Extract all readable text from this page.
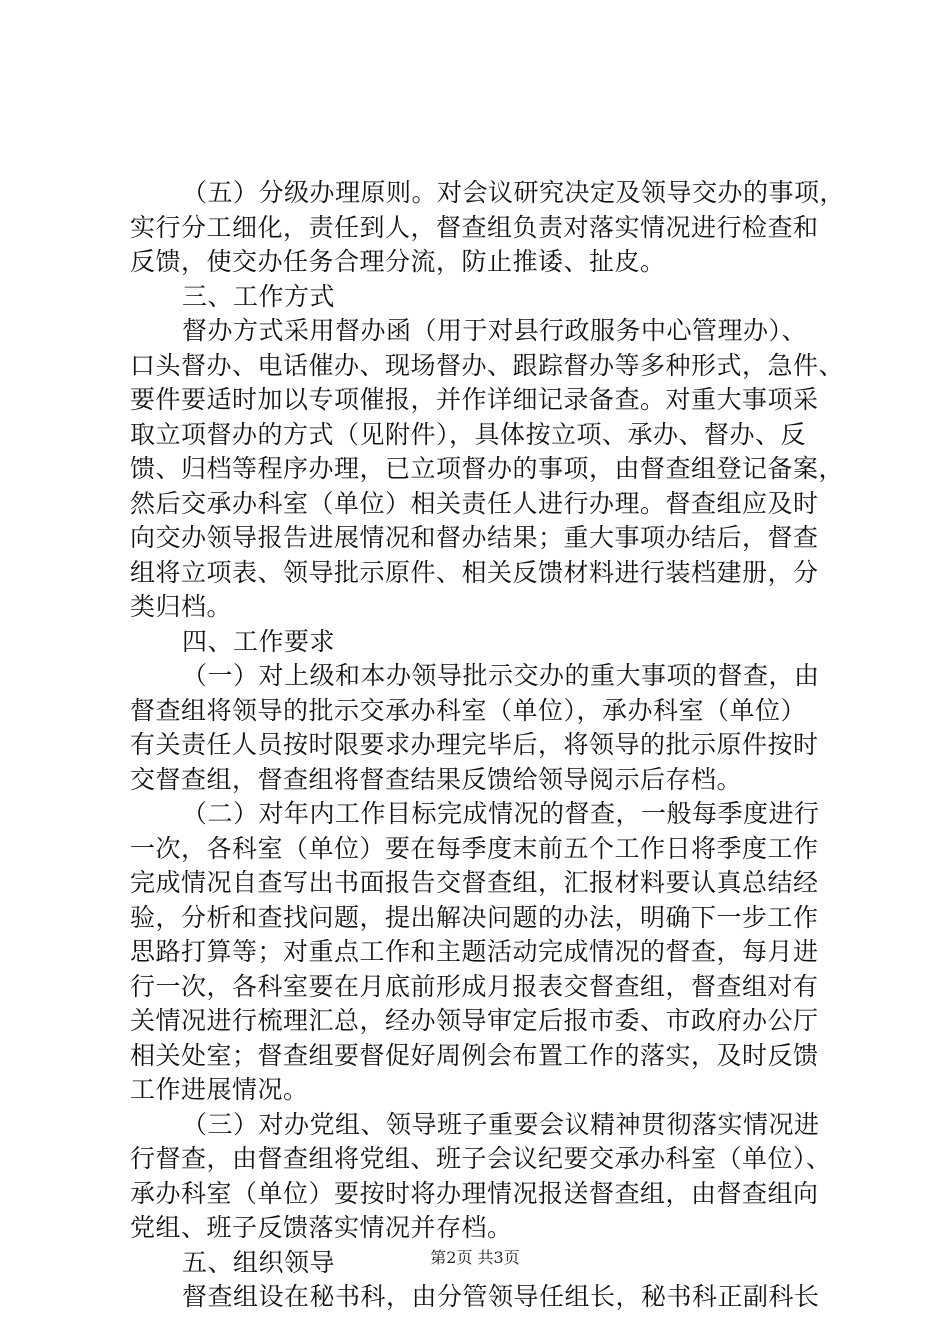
（五）分级办理原则。对会议研究决定及领导交办的事项，
实行分工细化，责任到人，督查组负责对落实情况进行检查和
反馈，使交办任务合理分流，防止推诿、扯皮。
三、工作方式
督办方式采用督办函（用于对县行政服务中心管理办）、
口头督办、电话催办、现场督办、跟踪督办等多种形式，急件、
要件要适时加以专项催报，并作详细记录备查。对重大事项采
取立项督办的方式（见附件），具体按立项、承办、督办、反
馈、归档等程序办理，已立项督办的事项，由督查组登记备案，
然后交承办科室（单位）相关责任人进行办理。督查组应及时
向交办领导报告进展情况和督办结果；重大事项办结后，督查
组将立项表、领导批示原件、相关反馈材料进行装档建册，分
类归档。
四、工作要求
（一）对上级和本办领导批示交办的重大事项的督查，由
督查组将领导的批示交承办科室（单位），承办科室（单位）
有关责任人员按时限要求办理完毕后，将领导的批示原件按时
交督查组，督查组将督查结果反馈给领导阅示后存档。
（二）对年内工作目标完成情况的督查，一般每季度进行
一次，各科室（单位）要在每季度末前五个工作日将季度工作
完成情况自查写出书面报告交督查组，汇报材料要认真总结经
验，分析和查找问题，提出解决问题的办法，明确下一步工作
思路打算等；对重点工作和主题活动完成情况的督查，每月进
行一次，各科室要在月底前形成月报表交督查组，督查组对有
关情况进行梳理汇总，经办领导审定后报市委、市政府办公厅
相关处室；督查组要督促好周例会布置工作的落实，及时反馈
工作进展情况。
（三）对办党组、领导班子重要会议精神贯彻落实情况进
行督查，由督查组将党组、班子会议纪要交承办科室（单位）、
承办科室（单位）要按时将办理情况报送督查组，由督查组向
党组、班子反馈落实情况并存档。
五、组织领导
督查组设在秘书科，由分管领导任组长，秘书科正副科长
第2页 共3页
